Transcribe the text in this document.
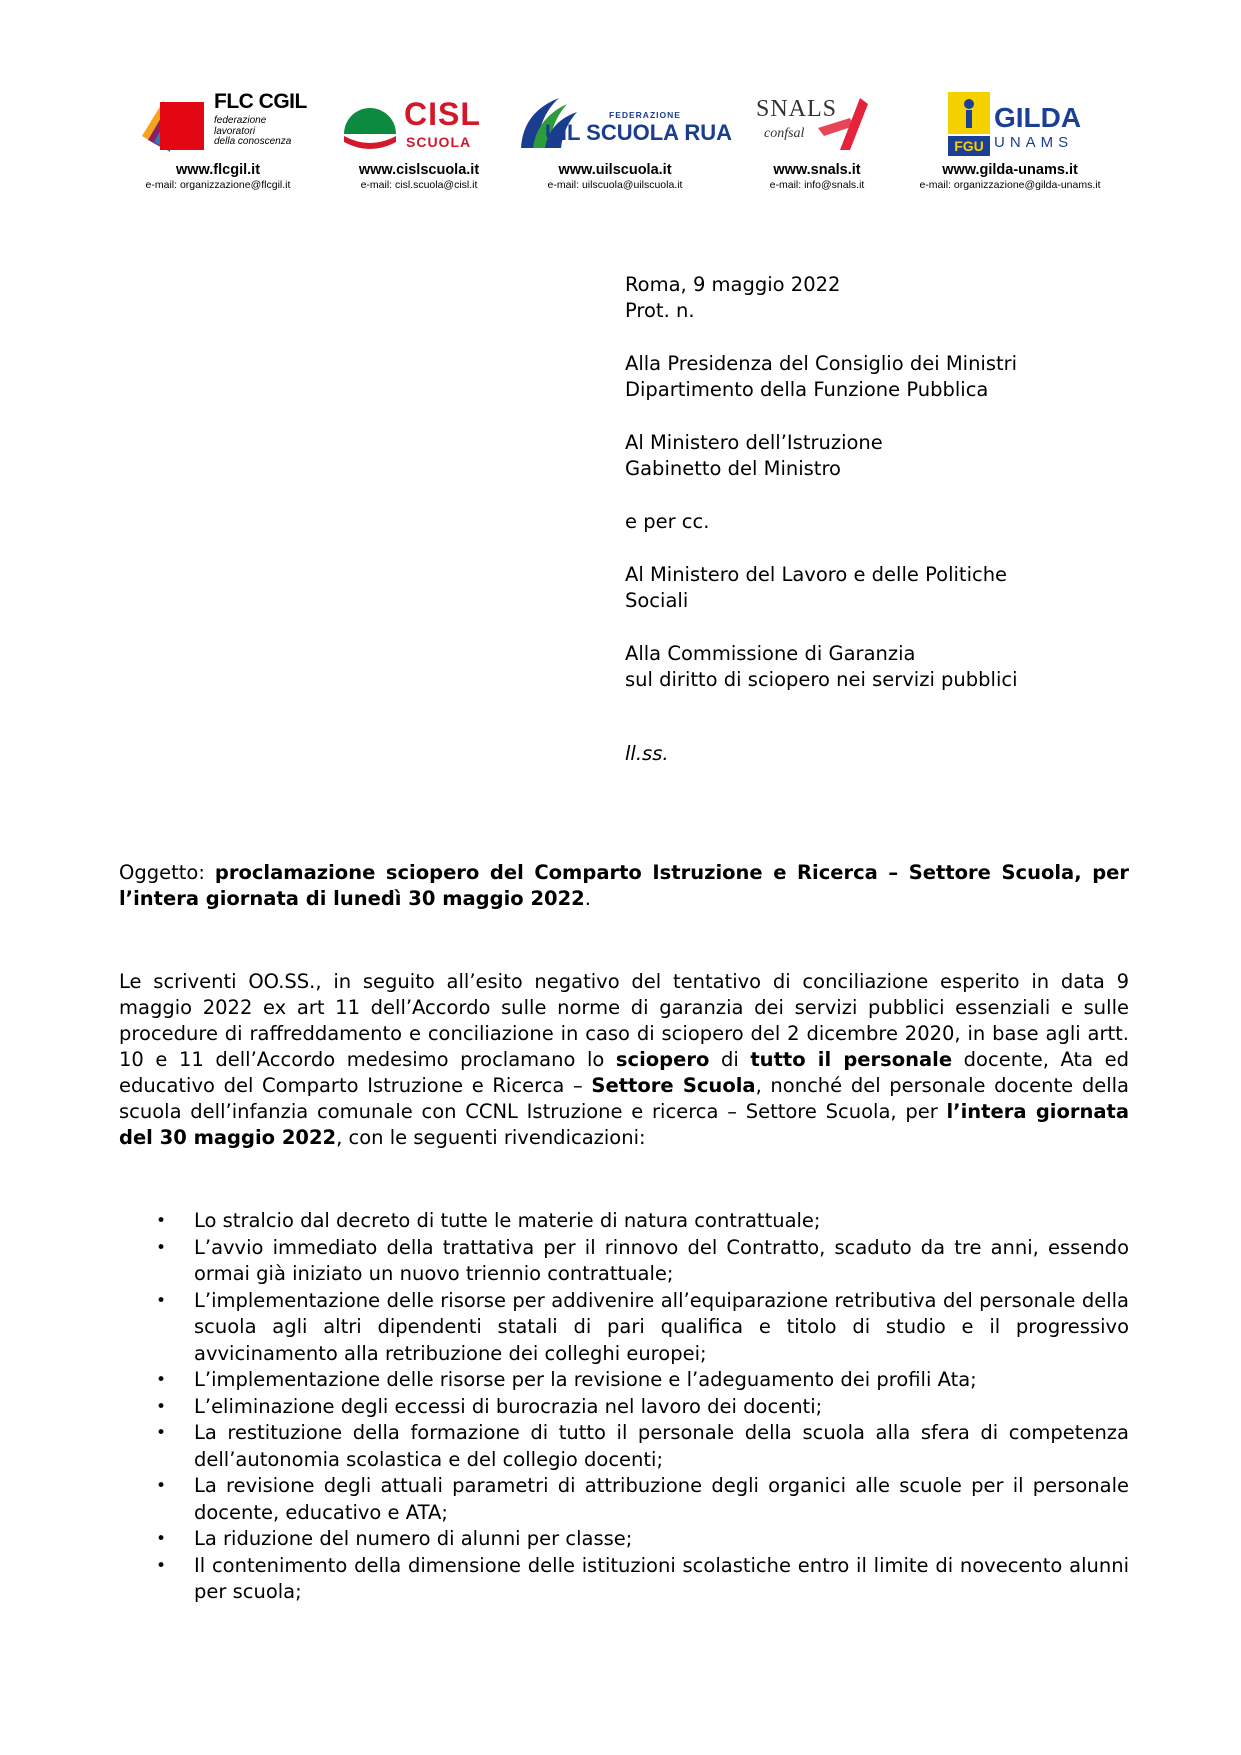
FLC CGIL
federazione
lavoratori
della conoscenza
www.flcgil.it
e-mail: organizzazione@flcgil.it
CISL
SCUOLA
www.cislscuola.it
e-mail: cisl.scuola@cisl.it
FEDERAZIONE
UIL SCUOLA RUA
www.uilscuola.it
e-mail: uilscuola@uilscuola.it
SNALS
confsal
www.snals.it
e-mail: info@snals.it
FGU
GILDA
UNAMS
www.gilda-unams.it
e-mail: organizzazione@gilda-unams.it

Roma, 9 maggio 2022

Prot. n.

Alla Presidenza del Consiglio dei Ministri

Dipartimento della Funzione Pubblica

Al Ministero dell’Istruzione

Gabinetto del Ministro

e per cc.

Al Ministero del Lavoro e delle Politiche

Sociali

Alla Commissione di Garanzia

sul diritto di sciopero nei servizi pubblici

ll.ss.

Oggetto: proclamazione sciopero del Comparto Istruzione e Ricerca – Settore Scuola, per l’intera giornata di lunedì 30 maggio 2022.

Le scriventi OO.SS., in seguito all’esito negativo del tentativo di conciliazione esperito in data 9 maggio 2022 ex art 11 dell’Accordo sulle norme di garanzia dei servizi pubblici essenziali e sulle procedure di raffreddamento e conciliazione in caso di sciopero del 2 dicembre 2020, in base agli artt. 10 e 11 dell’Accordo medesimo proclamano lo sciopero di tutto il personale docente, Ata ed educativo del Comparto Istruzione e Ricerca – Settore Scuola, nonché del personale docente della scuola dell’infanzia comunale con CCNL Istruzione e ricerca – Settore Scuola, per l’intera giornata del 30 maggio 2022, con le seguenti rivendicazioni:

• Lo stralcio dal decreto di tutte le materie di natura contrattuale;
• L’avvio immediato della trattativa per il rinnovo del Contratto, scaduto da tre anni, essendo ormai già iniziato un nuovo triennio contrattuale;
• L’implementazione delle risorse per addivenire all’equiparazione retributiva del personale della scuola agli altri dipendenti statali di pari qualifica e titolo di studio e il progressivo avvicinamento alla retribuzione dei colleghi europei;
• L’implementazione delle risorse per la revisione e l’adeguamento dei profili Ata;
• L’eliminazione degli eccessi di burocrazia nel lavoro dei docenti;
• La restituzione della formazione di tutto il personale della scuola alla sfera di competenza dell’autonomia scolastica e del collegio docenti;
• La revisione degli attuali parametri di attribuzione degli organici alle scuole per il personale docente, educativo e ATA;
• La riduzione del numero di alunni per classe;
• Il contenimento della dimensione delle istituzioni scolastiche entro il limite di novecento alunni per scuola;
